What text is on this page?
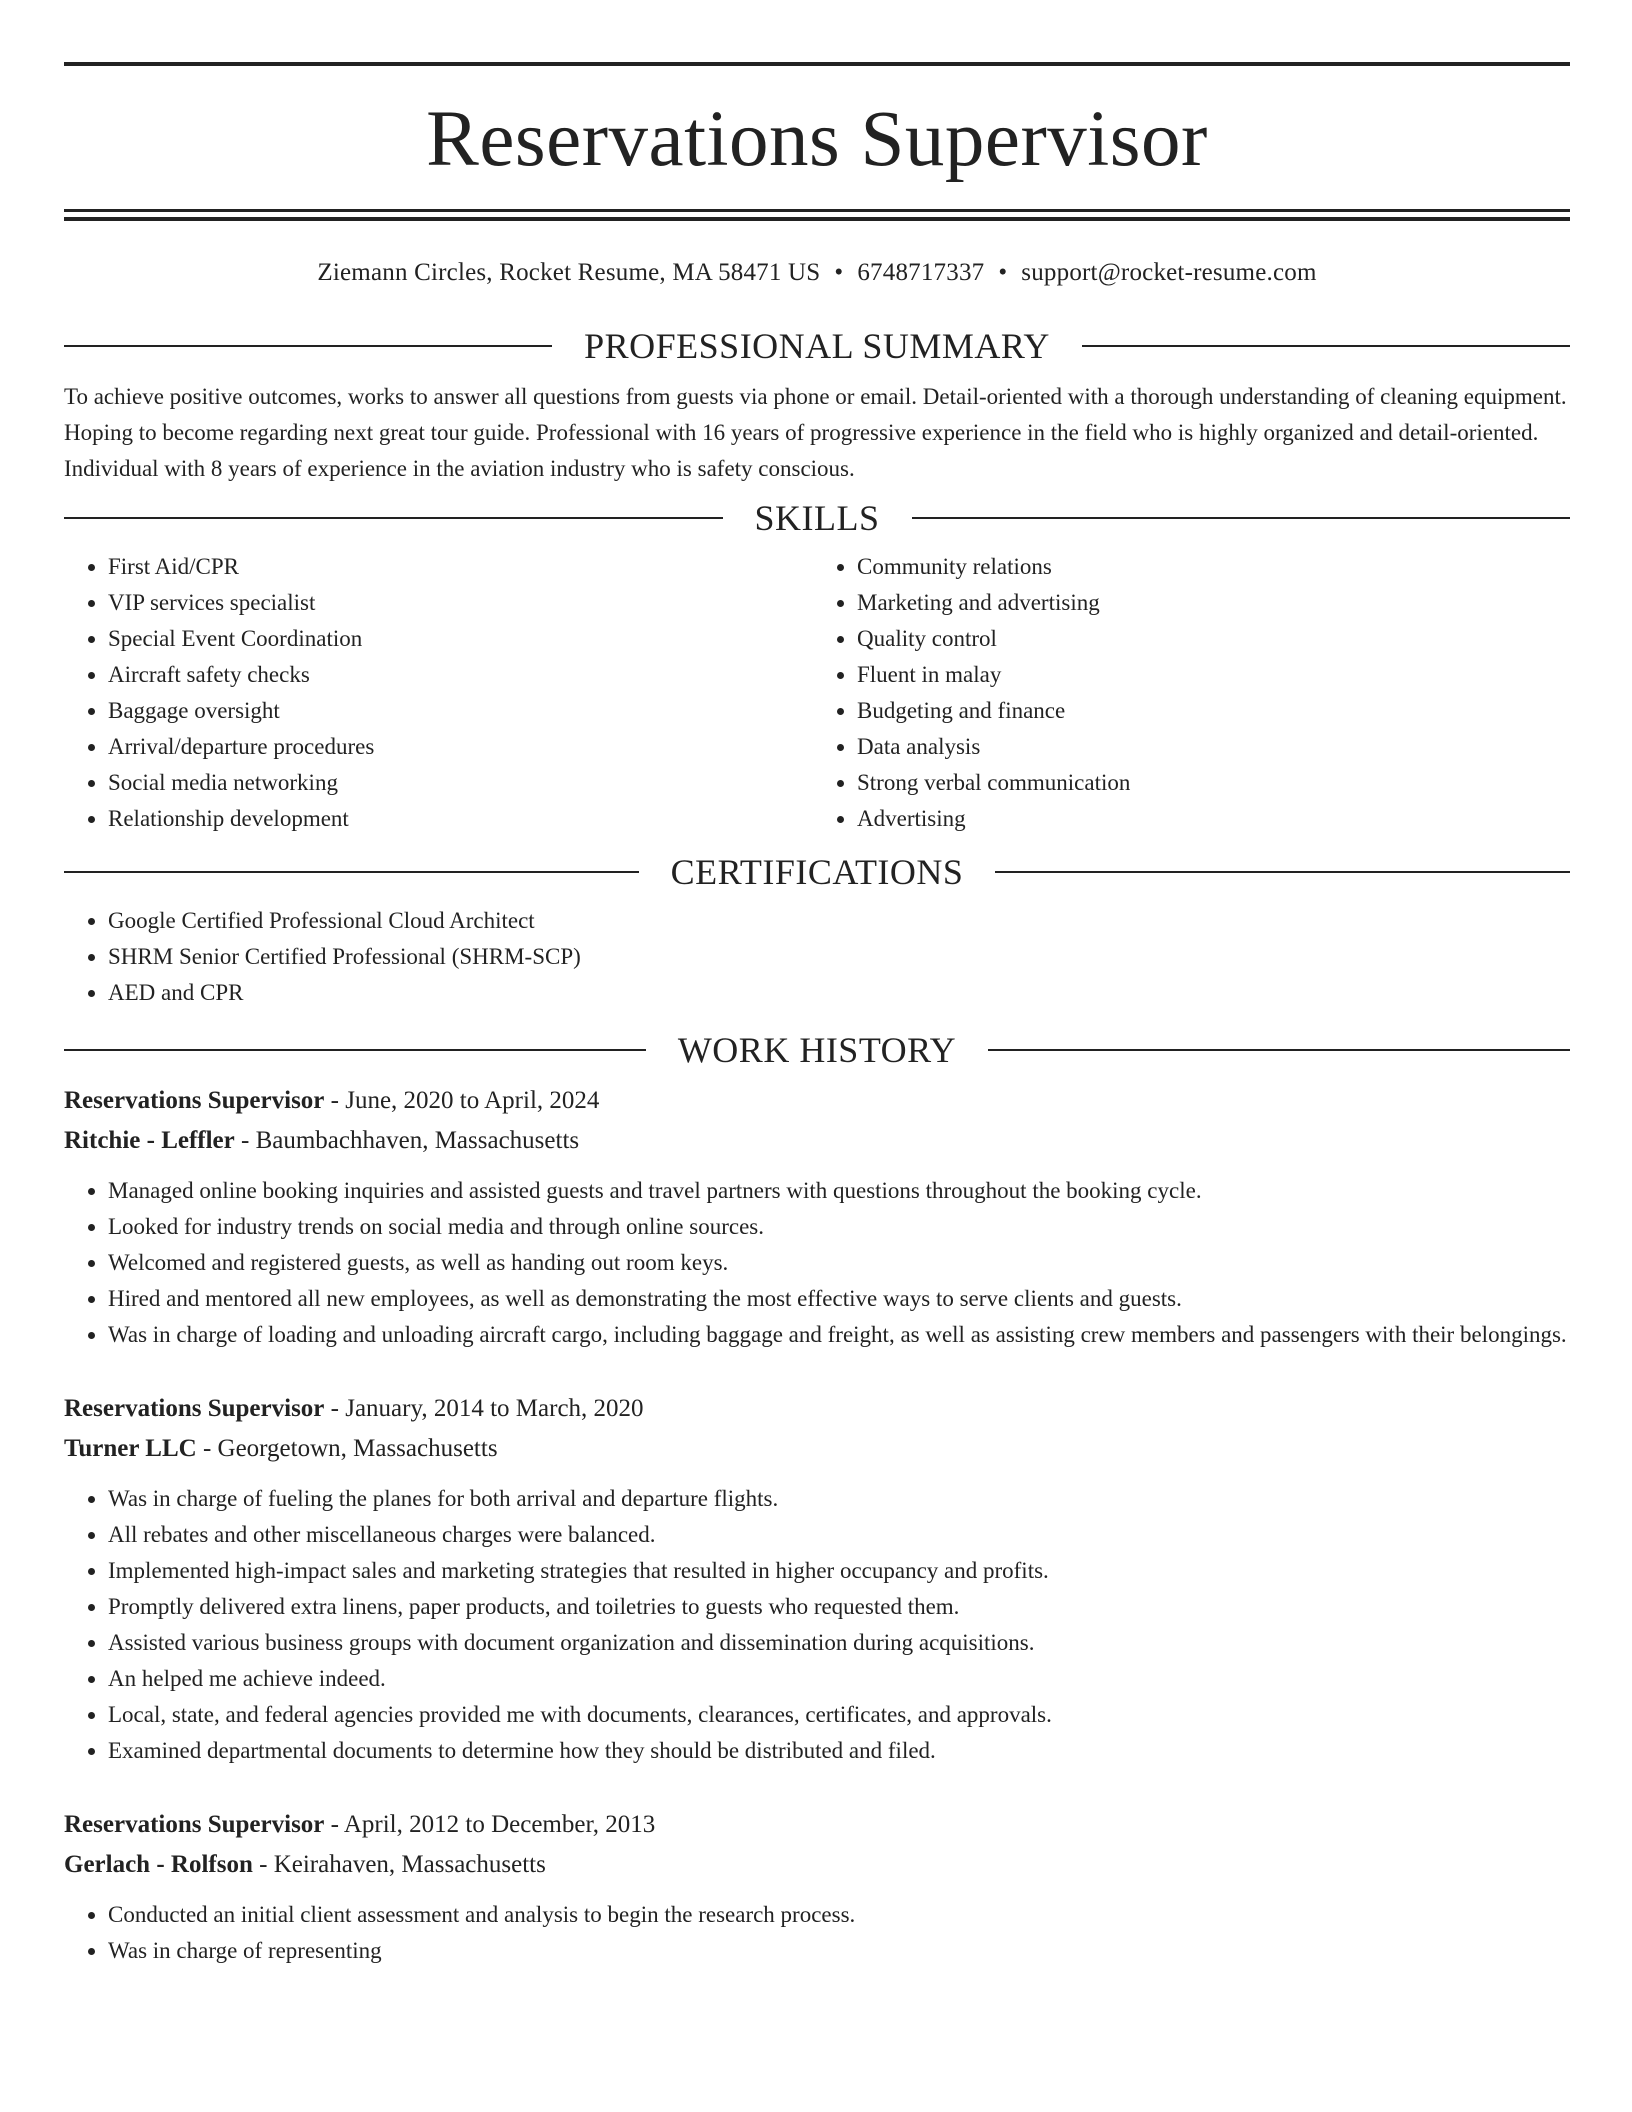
Reservations Supervisor
Ziemann Circles, Rocket Resume, MA 58471 US • 6748717337 • support@rocket-resume.com
PROFESSIONAL SUMMARY

To achieve positive outcomes, works to answer all questions from guests via phone or email. Detail-oriented with a thorough understanding of cleaning equipment. Hoping to become regarding next great tour guide. Professional with 16 years of progressive experience in the field who is highly organized and detail-oriented. Individual with 8 years of experience in the aviation industry who is safety conscious.

SKILLS
• First Aid/CPR
• VIP services specialist
• Special Event Coordination
• Aircraft safety checks
• Baggage oversight
• Arrival/departure procedures
• Social media networking
• Relationship development
• Community relations
• Marketing and advertising
• Quality control
• Fluent in malay
• Budgeting and finance
• Data analysis
• Strong verbal communication
• Advertising
CERTIFICATIONS
• Google Certified Professional Cloud Architect
• SHRM Senior Certified Professional (SHRM-SCP)
• AED and CPR
WORK HISTORY
Reservations Supervisor - June, 2020 to April, 2024
Ritchie - Leffler - Baumbachhaven, Massachusetts
• Managed online booking inquiries and assisted guests and travel partners with questions throughout the booking cycle.
• Looked for industry trends on social media and through online sources.
• Welcomed and registered guests, as well as handing out room keys.
• Hired and mentored all new employees, as well as demonstrating the most effective ways to serve clients and guests.
• Was in charge of loading and unloading aircraft cargo, including baggage and freight, as well as assisting crew members and passengers with their belongings.
Reservations Supervisor - January, 2014 to March, 2020
Turner LLC - Georgetown, Massachusetts
• Was in charge of fueling the planes for both arrival and departure flights.
• All rebates and other miscellaneous charges were balanced.
• Implemented high-impact sales and marketing strategies that resulted in higher occupancy and profits.
• Promptly delivered extra linens, paper products, and toiletries to guests who requested them.
• Assisted various business groups with document organization and dissemination during acquisitions.
• An helped me achieve indeed.
• Local, state, and federal agencies provided me with documents, clearances, certificates, and approvals.
• Examined departmental documents to determine how they should be distributed and filed.
Reservations Supervisor - April, 2012 to December, 2013
Gerlach - Rolfson - Keirahaven, Massachusetts
• Conducted an initial client assessment and analysis to begin the research process.
• Was in charge of representing
